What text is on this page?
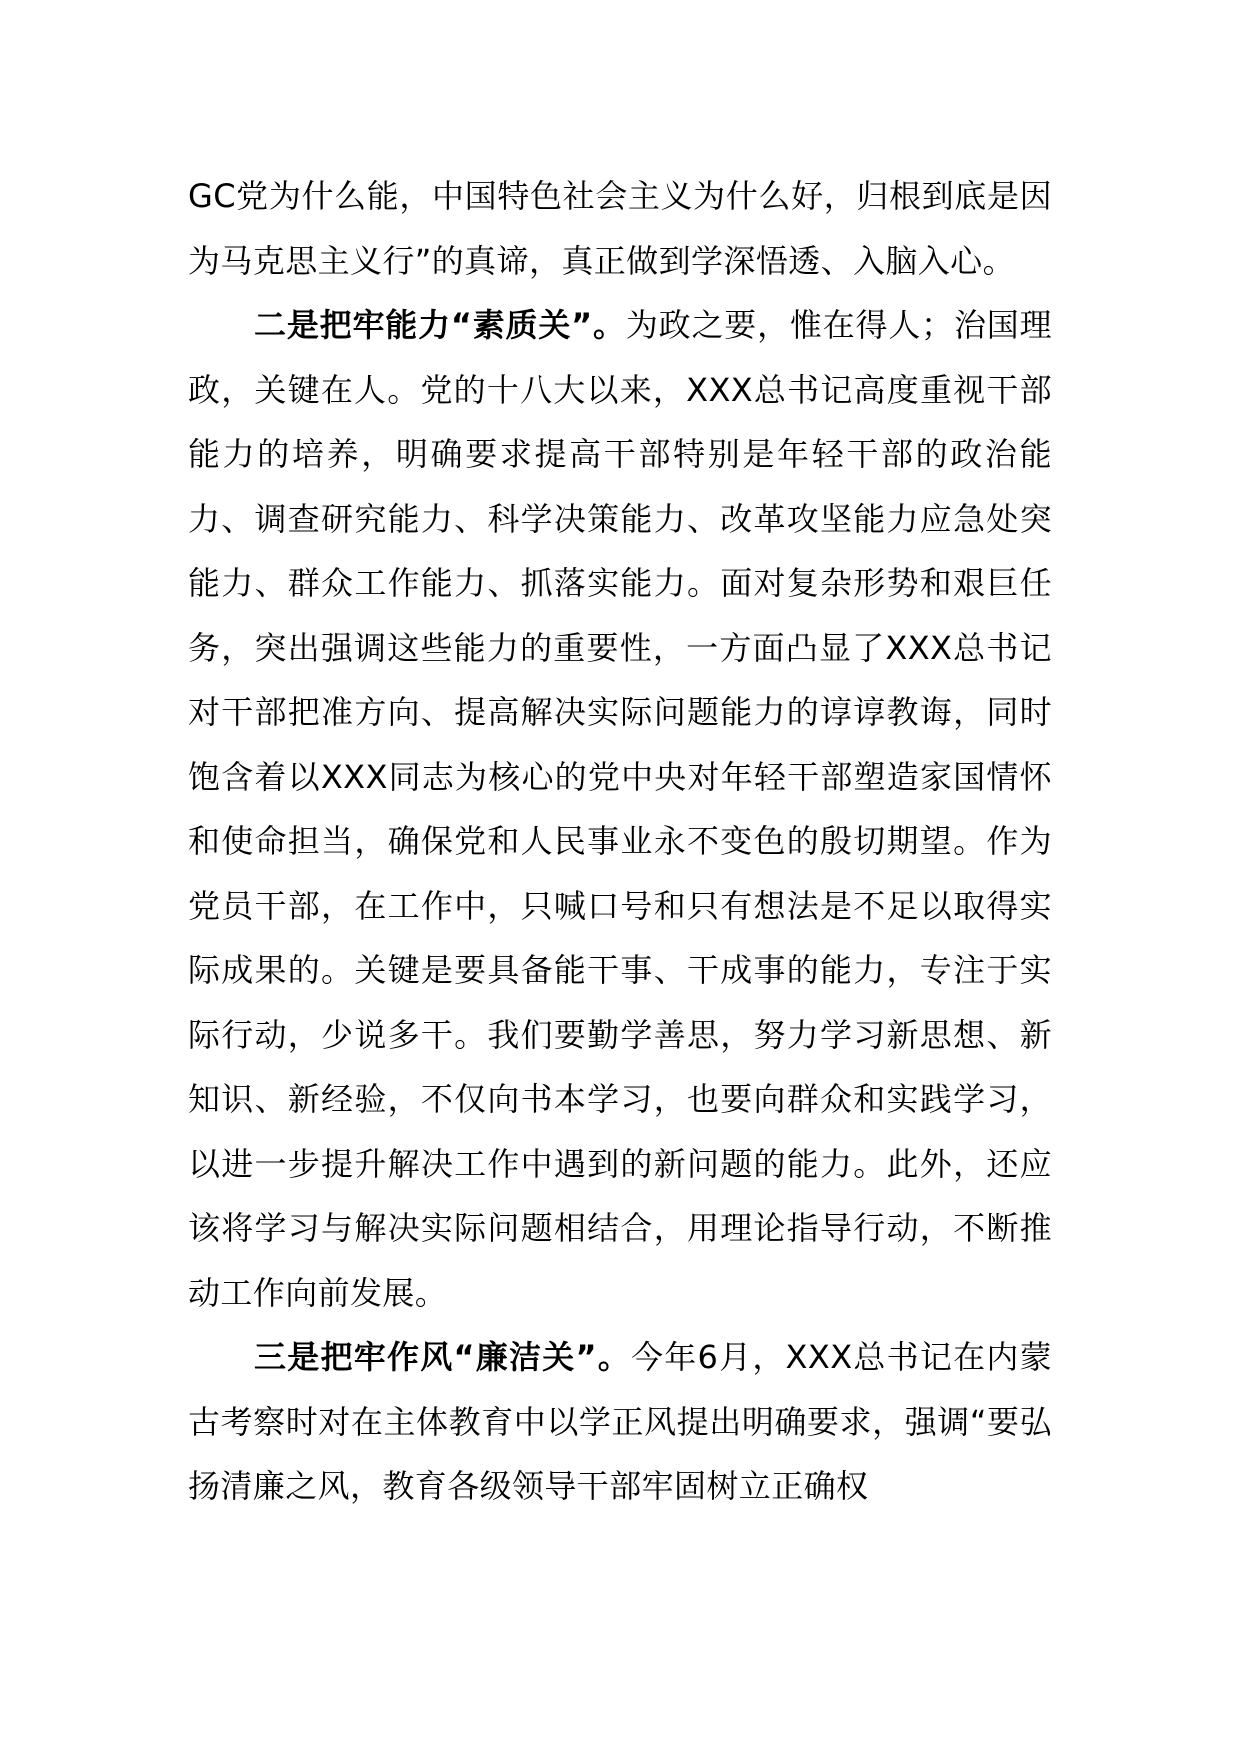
GC党为什么能，中国特色社会主义为什么好，归根到底是因为马克思主义行”的真谛，真正做到学深悟透、入脑入心。

二是把牢能力“素质关”。为政之要，惟在得人；治国理政，关键在人。党的十八大以来，XXX总书记高度重视干部能力的培养，明确要求提高干部特别是年轻干部的政治能力、调查研究能力、科学决策能力、改革攻坚能力应急处突能力、群众工作能力、抓落实能力。面对复杂形势和艰巨任务，突出强调这些能力的重要性，一方面凸显了XXX总书记对干部把准方向、提高解决实际问题能力的谆谆教诲，同时饱含着以XXX同志为核心的党中央对年轻干部塑造家国情怀和使命担当，确保党和人民事业永不变色的殷切期望。作为党员干部，在工作中，只喊口号和只有想法是不足以取得实际成果的。关键是要具备能干事、干成事的能力，专注于实际行动，少说多干。我们要勤学善思，努力学习新思想、新知识、新经验，不仅向书本学习，也要向群众和实践学习，以进一步提升解决工作中遇到的新问题的能力。此外，还应该将学习与解决实际问题相结合，用理论指导行动，不断推动工作向前发展。

三是把牢作风“廉洁关”。今年6月，XXX总书记在内蒙古考察时对在主体教育中以学正风提出明确要求，强调“要弘扬清廉之风，教育各级领导干部牢固树立正确权
